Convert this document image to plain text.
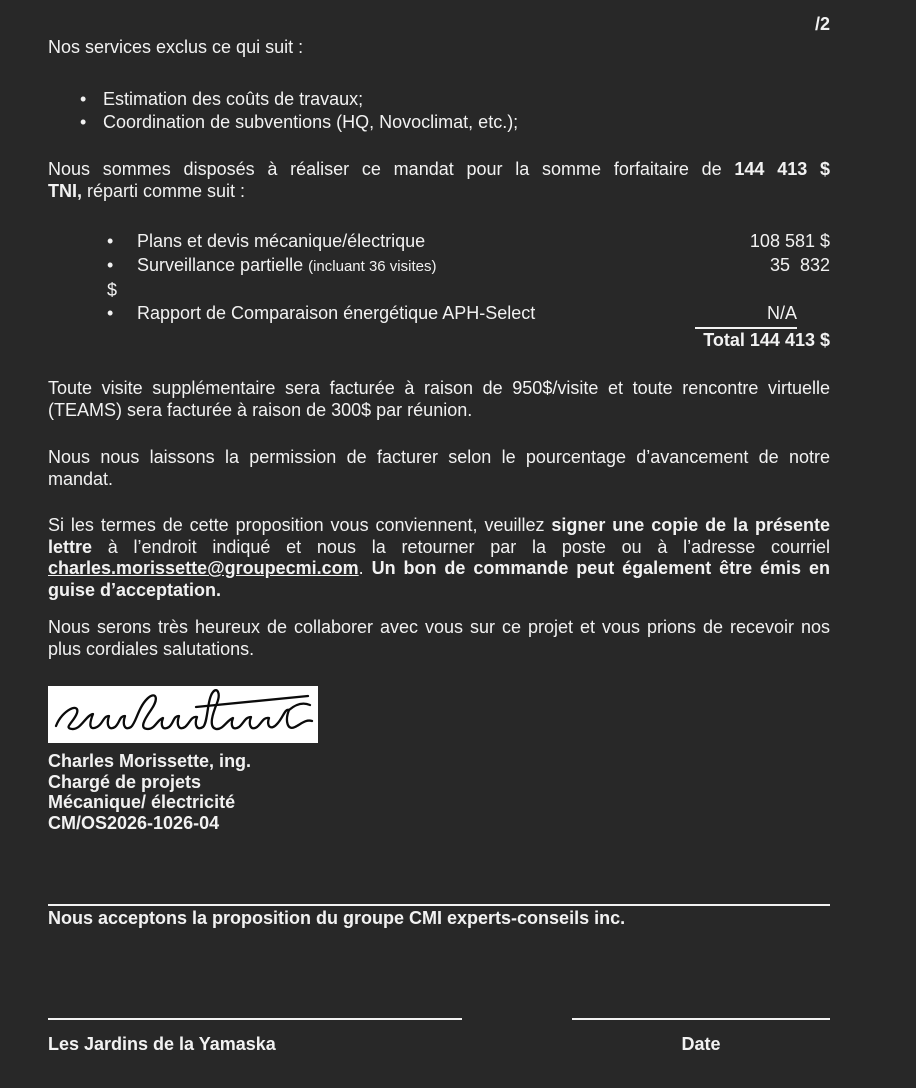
/2

Nos services exclus ce qui suit :

• Estimation des coûts de travaux;
• Coordination de subventions (HQ, Novoclimat, etc.);
Nous sommes disposés à réaliser ce mandat pour la somme forfaitaire de 144 413 $
TNI, réparti comme suit :
•	Plans et devis mécanique/électrique	108 581 $
•	Surveillance partielle (incluant 36 visites)	35  832
$
•	Rapport de Comparaison énergétique APH-Select	N/A
Total 144 413 $

Toute visite supplémentaire sera facturée à raison de 950$/visite et toute rencontre virtuelle (TEAMS) sera facturée à raison de 300$ par réunion.

Nous nous laissons la permission de facturer selon le pourcentage d’avancement de notre mandat.

Si les termes de cette proposition vous conviennent, veuillez signer une copie de la présente lettre à l’endroit indiqué et nous la retourner par la poste ou à l’adresse courriel charles.morissette@groupecmi.com. Un bon de commande peut également être émis en guise d’acceptation.

Nous serons très heureux de collaborer avec vous sur ce projet et vous prions de recevoir nos plus cordiales salutations.

Charles Morissette, ing.
Chargé de projets
Mécanique/ électricité
CM/OS2026-1026-04
Nous acceptons la proposition du groupe CMI experts-conseils inc.
Les Jardins de la Yamaska	Date
